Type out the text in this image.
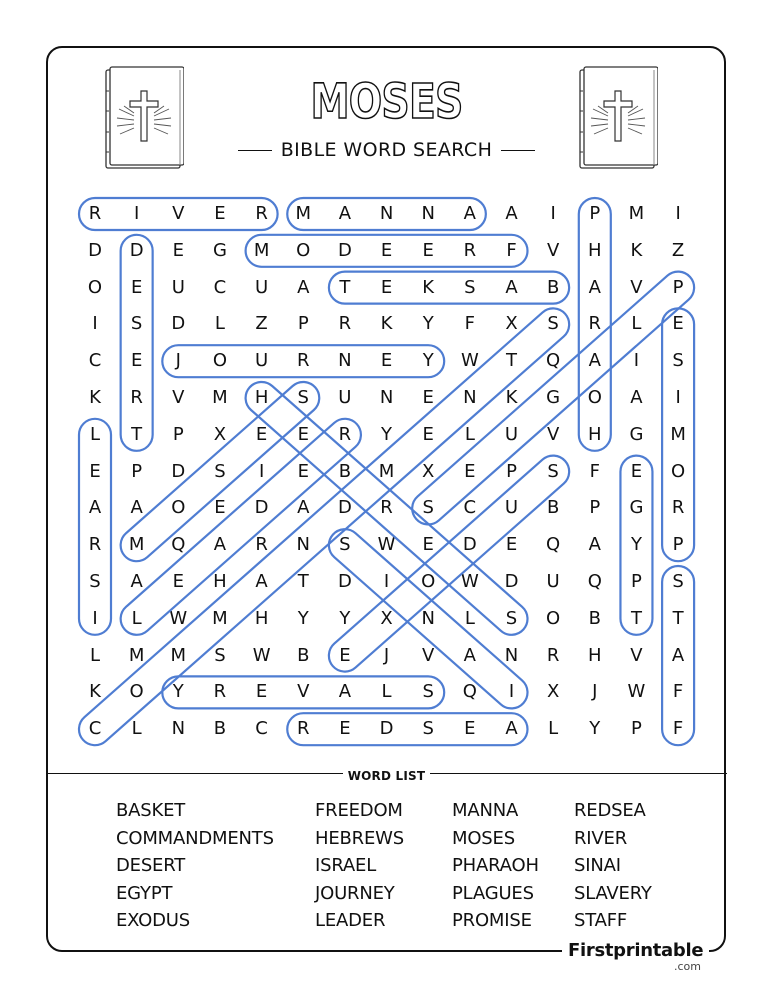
MOSES
BIBLE WORD SEARCH
R	I	V	E	R	M	A	N	N	A	A	I	P	M	I
D	D	E	G	M	O	D	E	E	R	F	V	H	K	Z
O	E	U	C	U	A	T	E	K	S	A	B	A	V	P
I	S	D	L	Z	P	R	K	Y	F	X	S	R	L	E
C	E	J	O	U	R	N	E	Y	W	T	Q	A	I	S
K	R	V	M	H	S	U	N	E	N	K	G	O	A	I
L	T	P	X	E	E	R	Y	E	L	U	V	H	G	M
E	P	D	S	I	E	B	M	X	E	P	S	F	E	O
A	A	O	E	D	A	D	R	S	C	U	B	P	G	R
R	M	Q	A	R	N	S	W	E	D	E	Q	A	Y	P
S	A	E	H	A	T	D	I	O	W	D	U	Q	P	S
I	L	W	M	H	Y	Y	X	N	L	S	O	B	T	T
L	M	M	S	W	B	E	J	V	A	N	R	H	V	A
K	O	Y	R	E	V	A	L	S	Q	I	X	J	W	F
C	L	N	B	C	R	E	D	S	E	A	L	Y	P	F
WORD LIST
BASKET
COMMANDMENTS
DESERT
EGYPT
EXODUS
FREEDOM
HEBREWS
ISRAEL
JOURNEY
LEADER
MANNA
MOSES
PHARAOH
PLAGUES
PROMISE
REDSEA
RIVER
SINAI
SLAVERY
STAFF
Firstprintable
.com
